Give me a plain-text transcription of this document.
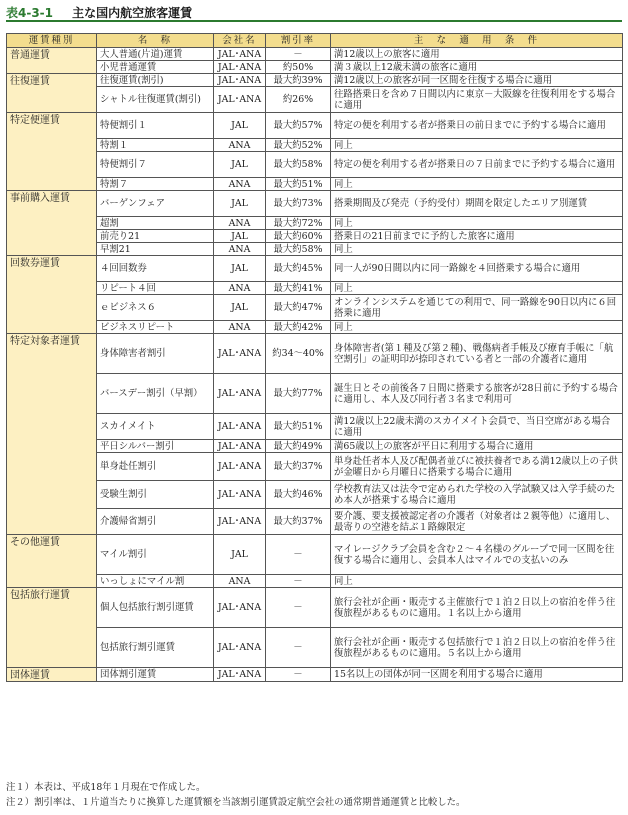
表4-3-1 主な国内航空旅客運賃
運賃種別	名　称	会社名	割引率	主　な　適　用　条　件
普通運賃	大人普通(片道)運賃	JAL･ANA	－	満12歳以上の旅客に適用
	小児普通運賃	JAL･ANA	約50%	満３歳以上12歳未満の旅客に適用
往復運賃	往復運賃(割引)	JAL･ANA	最大約39%	満12歳以上の旅客が同一区間を往復する場合に適用
	シャトル往復運賃(割引)	JAL･ANA	約26%	往路搭乗日を含め７日間以内に東京－大阪線を往復利用をする場合に適用
特定便運賃	特便割引１	JAL	最大約57%	特定の便を利用する者が搭乗日の前日までに予約する場合に適用
	特割１	ANA	最大約52%	同上
	特便割引７	JAL	最大約58%	特定の便を利用する者が搭乗日の７日前までに予約する場合に適用
	特割７	ANA	最大約51%	同上
事前購入運賃	バーゲンフェア	JAL	最大約73%	搭乗期間及び発売（予約受付）期間を限定したエリア別運賃
	超割	ANA	最大約72%	同上
	前売り21	JAL	最大約60%	搭乗日の21日前までに予約した旅客に適用
	早割21	ANA	最大約58%	同上
回数券運賃	４回回数券	JAL	最大約45%	同一人が90日間以内に同一路線を４回搭乗する場合に適用
	リピート４回	ANA	最大約41%	同上
	ｅビジネス６	JAL	最大約47%	オンラインシステムを通じての利用で、同一路線を90日以内に６回搭乗に適用
	ビジネスリピート	ANA	最大約42%	同上
特定対象者運賃	身体障害者割引	JAL･ANA	約34～40%	身体障害者(第１種及び第２種)、戦傷病者手帳及び療育手帳に「航空割引」の証明印が捺印されている者と一部の介護者に適用
	バースデー割引（早割）	JAL･ANA	最大約77%	誕生日とその前後各７日間に搭乗する旅客が28日前に予約する場合に適用し、本人及び同行者３名まで利用可
	スカイメイト	JAL･ANA	最大約51%	満12歳以上22歳未満のスカイメイト会員で、当日空席がある場合に適用
	平日シルバー割引	JAL･ANA	最大約49%	満65歳以上の旅客が平日に利用する場合に適用
	単身赴任割引	JAL･ANA	最大約37%	単身赴任者本人及び配偶者並びに被扶養者である満12歳以上の子供が金曜日から月曜日に搭乗する場合に適用
	受験生割引	JAL･ANA	最大約46%	学校教育法又は法令で定められた学校の入学試験又は入学手続のため本人が搭乗する場合に適用
	介護帰省割引	JAL･ANA	最大約37%	要介護、要支援被認定者の介護者（対象者は２親等他）に適用し、最寄りの空港を結ぶ１路線限定
その他運賃	マイル割引	JAL	－	マイレージクラブ会員を含む２～４名様のグループで同一区間を往復する場合に適用し、会員本人はマイルでの支払いのみ
	いっしょにマイル割	ANA	－	同上
包括旅行運賃	個人包括旅行割引運賃	JAL･ANA	－	旅行会社が企画・販売する主催旅行で１泊２日以上の宿泊を伴う往復旅程があるものに適用。１名以上から適用
	包括旅行割引運賃	JAL･ANA	－	旅行会社が企画・販売する包括旅行で１泊２日以上の宿泊を伴う往復旅程があるものに適用。５名以上から適用
団体運賃	団体割引運賃	JAL･ANA	－	15名以上の団体が同一区間を利用する場合に適用
注１）本表は、平成18年１月現在で作成した。
注２）割引率は、１片道当たりに換算した運賃額を当該割引運賃設定航空会社の通常期普通運賃と比較した。
